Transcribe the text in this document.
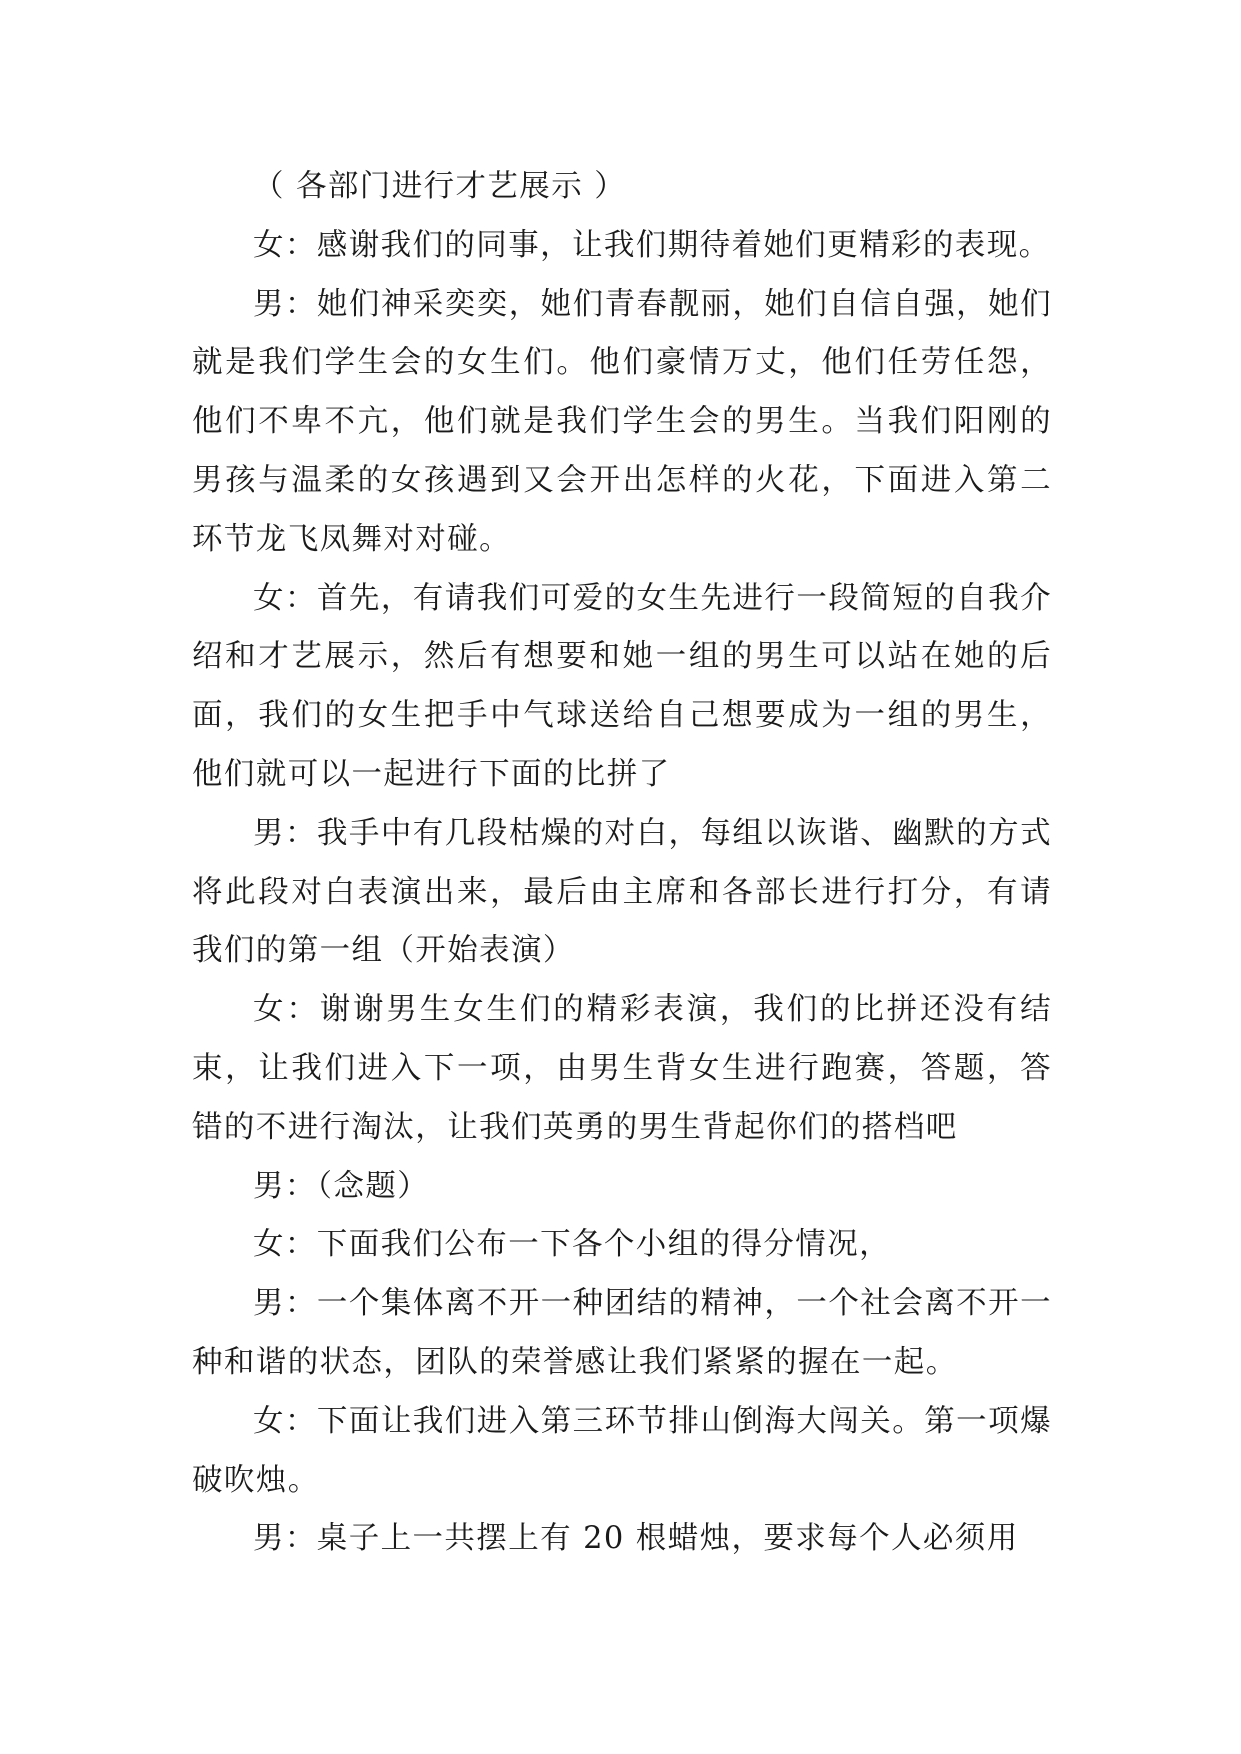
（ 各部门进行才艺展示 ）

女：感谢我们的同事，让我们期待着她们更精彩的表现。

男：她们神采奕奕，她们青春靓丽，她们自信自强，她们就是我们学生会的女生们。他们豪情万丈，他们任劳任怨，他们不卑不亢，他们就是我们学生会的男生。当我们阳刚的男孩与温柔的女孩遇到又会开出怎样的火花，下面进入第二环节龙飞凤舞对对碰。

女：首先，有请我们可爱的女生先进行一段简短的自我介绍和才艺展示，然后有想要和她一组的男生可以站在她的后面，我们的女生把手中气球送给自己想要成为一组的男生，他们就可以一起进行下面的比拼了

男：我手中有几段枯燥的对白，每组以诙谐、幽默的方式将此段对白表演出来，最后由主席和各部长进行打分，有请我们的第一组（开始表演）

女：谢谢男生女生们的精彩表演，我们的比拼还没有结束，让我们进入下一项，由男生背女生进行跑赛，答题，答错的不进行淘汰，让我们英勇的男生背起你们的搭档吧

男：（念题）

女：下面我们公布一下各个小组的得分情况，

男：一个集体离不开一种团结的精神，一个社会离不开一种和谐的状态，团队的荣誉感让我们紧紧的握在一起。

女：下面让我们进入第三环节排山倒海大闯关。第一项爆破吹烛。

男：桌子上一共摆上有 20 根蜡烛，要求每个人必须用
